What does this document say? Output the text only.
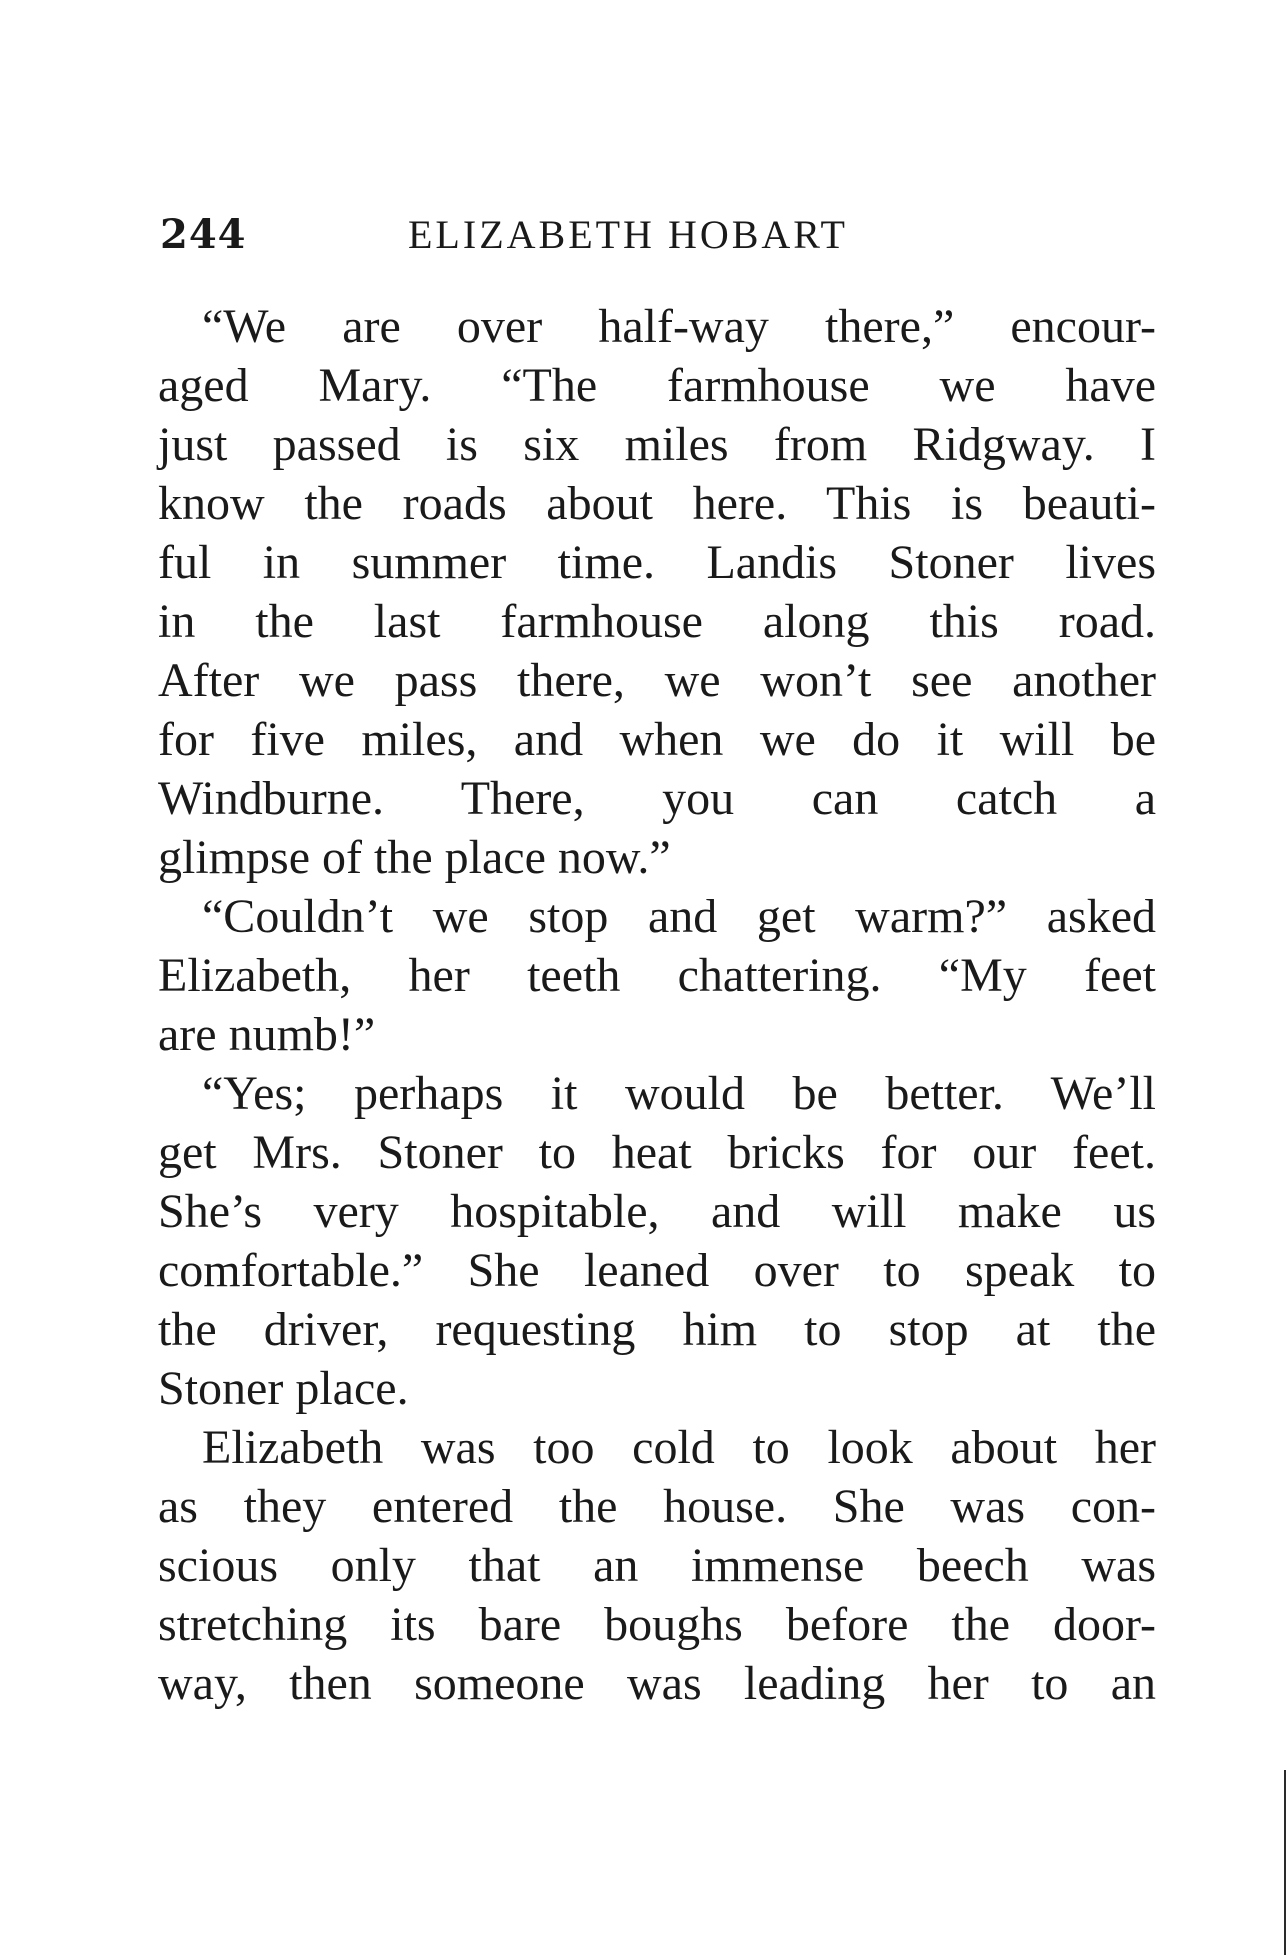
244	ELIZABETH HOBART
“We are over half-way there,” encour-
aged Mary. “The farmhouse we have
just passed is six miles from Ridgway. I
know the roads about here. This is beauti-
ful in summer time. Landis Stoner lives
in the last farmhouse along this road.
After we pass there, we won’t see another
for five miles, and when we do it will be
Windburne. There, you can catch a
glimpse of the place now.”
“Couldn’t we stop and get warm?” asked
Elizabeth, her teeth chattering. “My feet
are numb!”
“Yes; perhaps it would be better. We’ll
get Mrs. Stoner to heat bricks for our feet.
She’s very hospitable, and will make us
comfortable.” She leaned over to speak to
the driver, requesting him to stop at the
Stoner place.
Elizabeth was too cold to look about her
as they entered the house. She was con-
scious only that an immense beech was
stretching its bare boughs before the door-
way, then someone was leading her to an
